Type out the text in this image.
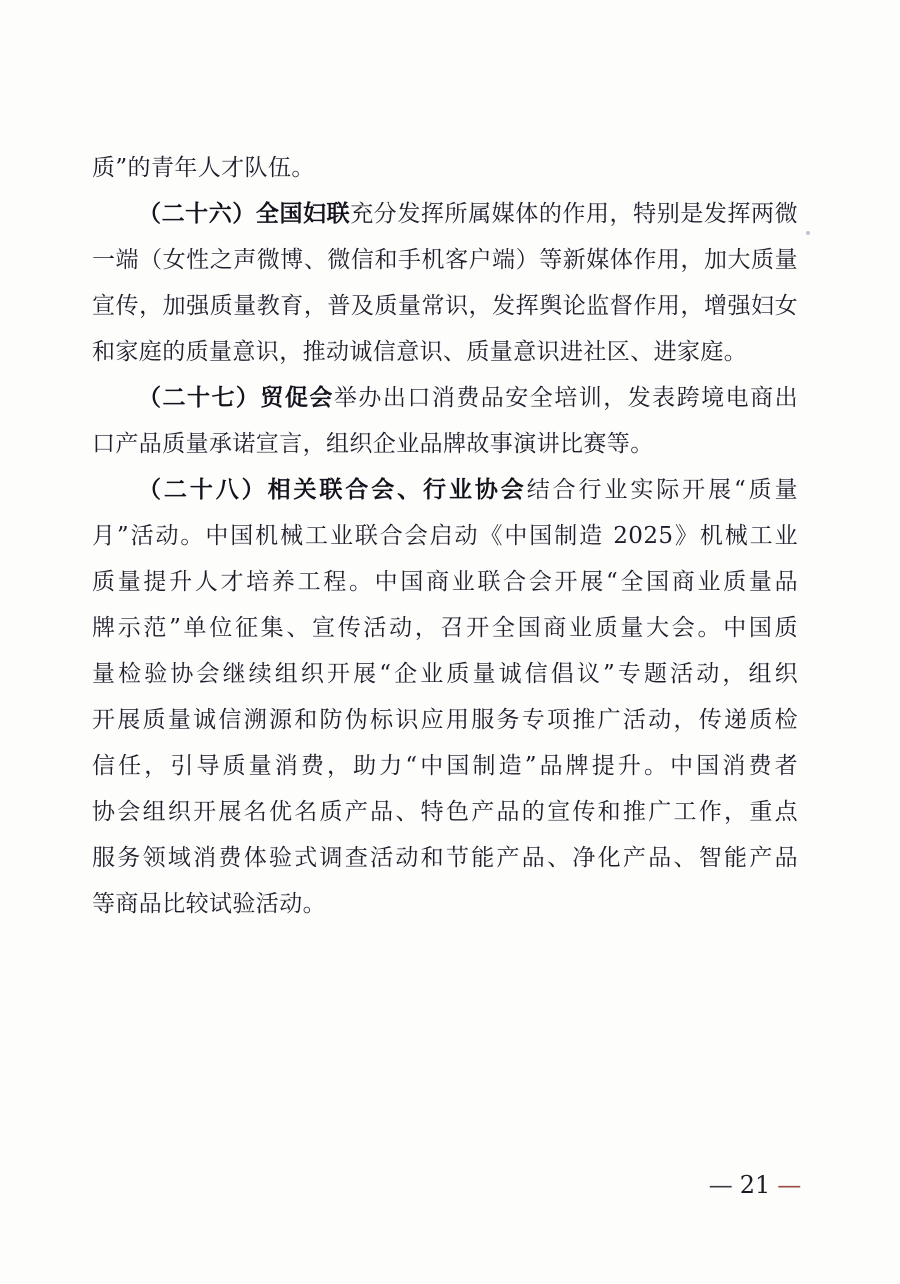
质”的青年人才队伍。
（二十六）全国妇联充分发挥所属媒体的作用，特别是发挥两微
一端（女性之声微博、微信和手机客户端）等新媒体作用，加大质量
宣传，加强质量教育，普及质量常识，发挥舆论监督作用，增强妇女
和家庭的质量意识，推动诚信意识、质量意识进社区、进家庭。
（二十七）贸促会举办出口消费品安全培训，发表跨境电商出
口产品质量承诺宣言，组织企业品牌故事演讲比赛等。
（二十八）相关联合会、行业协会结合行业实际开展“质量
月”活动。中国机械工业联合会启动《中国制造 2025》机械工业
质量提升人才培养工程。中国商业联合会开展“全国商业质量品
牌示范”单位征集、宣传活动，召开全国商业质量大会。中国质
量检验协会继续组织开展“企业质量诚信倡议”专题活动，组织
开展质量诚信溯源和防伪标识应用服务专项推广活动，传递质检
信任，引导质量消费，助力“中国制造”品牌提升。中国消费者
协会组织开展名优名质产品、特色产品的宣传和推广工作，重点
服务领域消费体验式调查活动和节能产品、净化产品、智能产品
等商品比较试验活动。
— 21 —
